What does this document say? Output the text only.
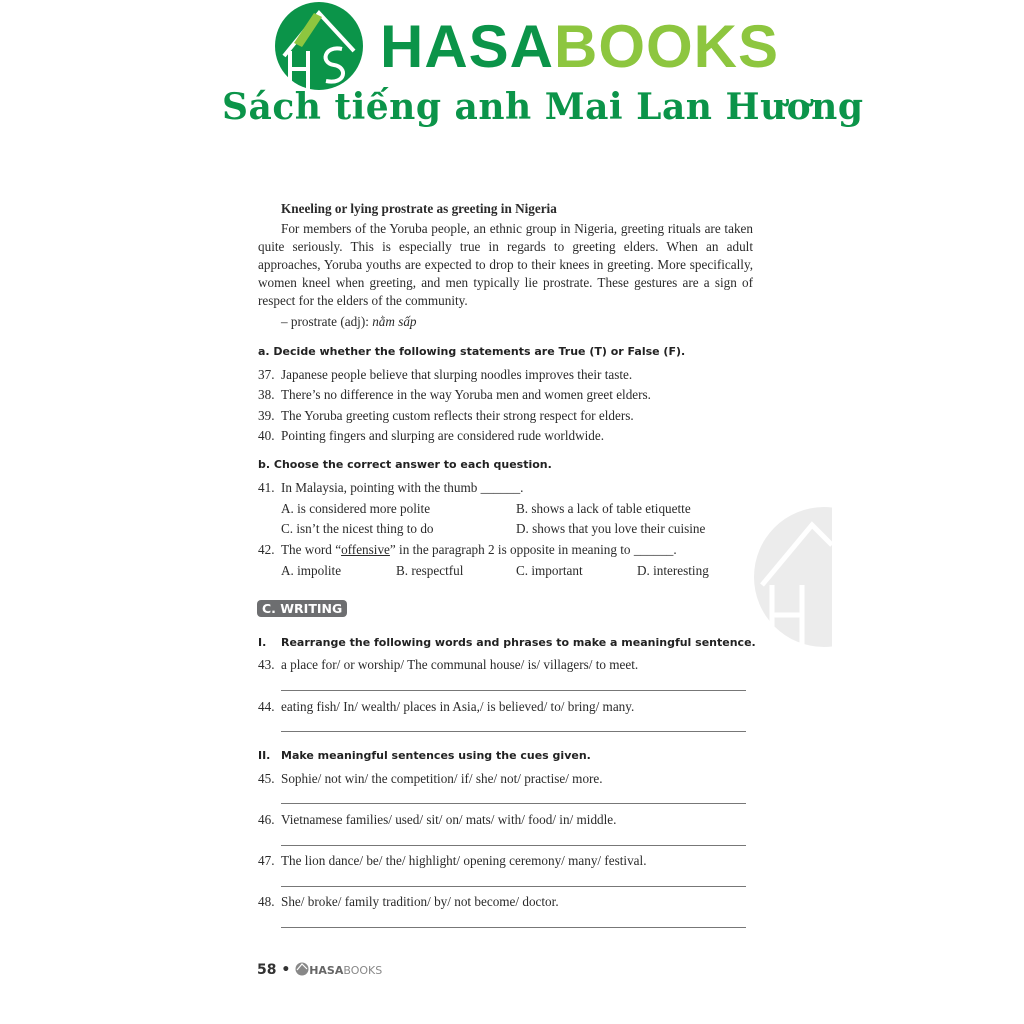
HASABOOKS
Sách tiếng anh Mai Lan Hương
Kneeling or lying prostrate as greeting in Nigeria
For members of the Yoruba people, an ethnic group in Nigeria, greeting rituals are taken quite seriously. This is especially true in regards to greeting elders. When an adult approaches, Yoruba youths are expected to drop to their knees in greeting. More specifically, women kneel when greeting, and men typically lie prostrate. These gestures are a sign of respect for the elders of the community.
– prostrate (adj): nằm sấp
a. Decide whether the following statements are True (T) or False (F).
37. Japanese people believe that slurping noodles improves their taste.
38. There’s no difference in the way Yoruba men and women greet elders.
39. The Yoruba greeting custom reflects their strong respect for elders.
40. Pointing fingers and slurping are considered rude worldwide.
b. Choose the correct answer to each question.
41. In Malaysia, pointing with the thumb ______.
A. is considered more polite	B. shows a lack of table etiquette
C. isn’t the nicest thing to do	D. shows that you love their cuisine
42. The word “offensive” in the paragraph 2 is opposite in meaning to ______.
A. impolite	B. respectful	C. important	D. interesting
C. WRITING
I. Rearrange the following words and phrases to make a meaningful sentence.
43. a place for/ or worship/ The communal house/ is/ villagers/ to meet.
44. eating fish/ In/ wealth/ places in Asia,/ is believed/ to/ bring/ many.
II. Make meaningful sentences using the cues given.
45. Sophie/ not win/ the competition/ if/ she/ not/ practise/ more.
46. Vietnamese families/ used/ sit/ on/ mats/ with/ food/ in/ middle.
47. The lion dance/ be/ the/ highlight/ opening ceremony/ many/ festival.
48. She/ broke/ family tradition/ by/ not become/ doctor.
58 • HASABOOKS
